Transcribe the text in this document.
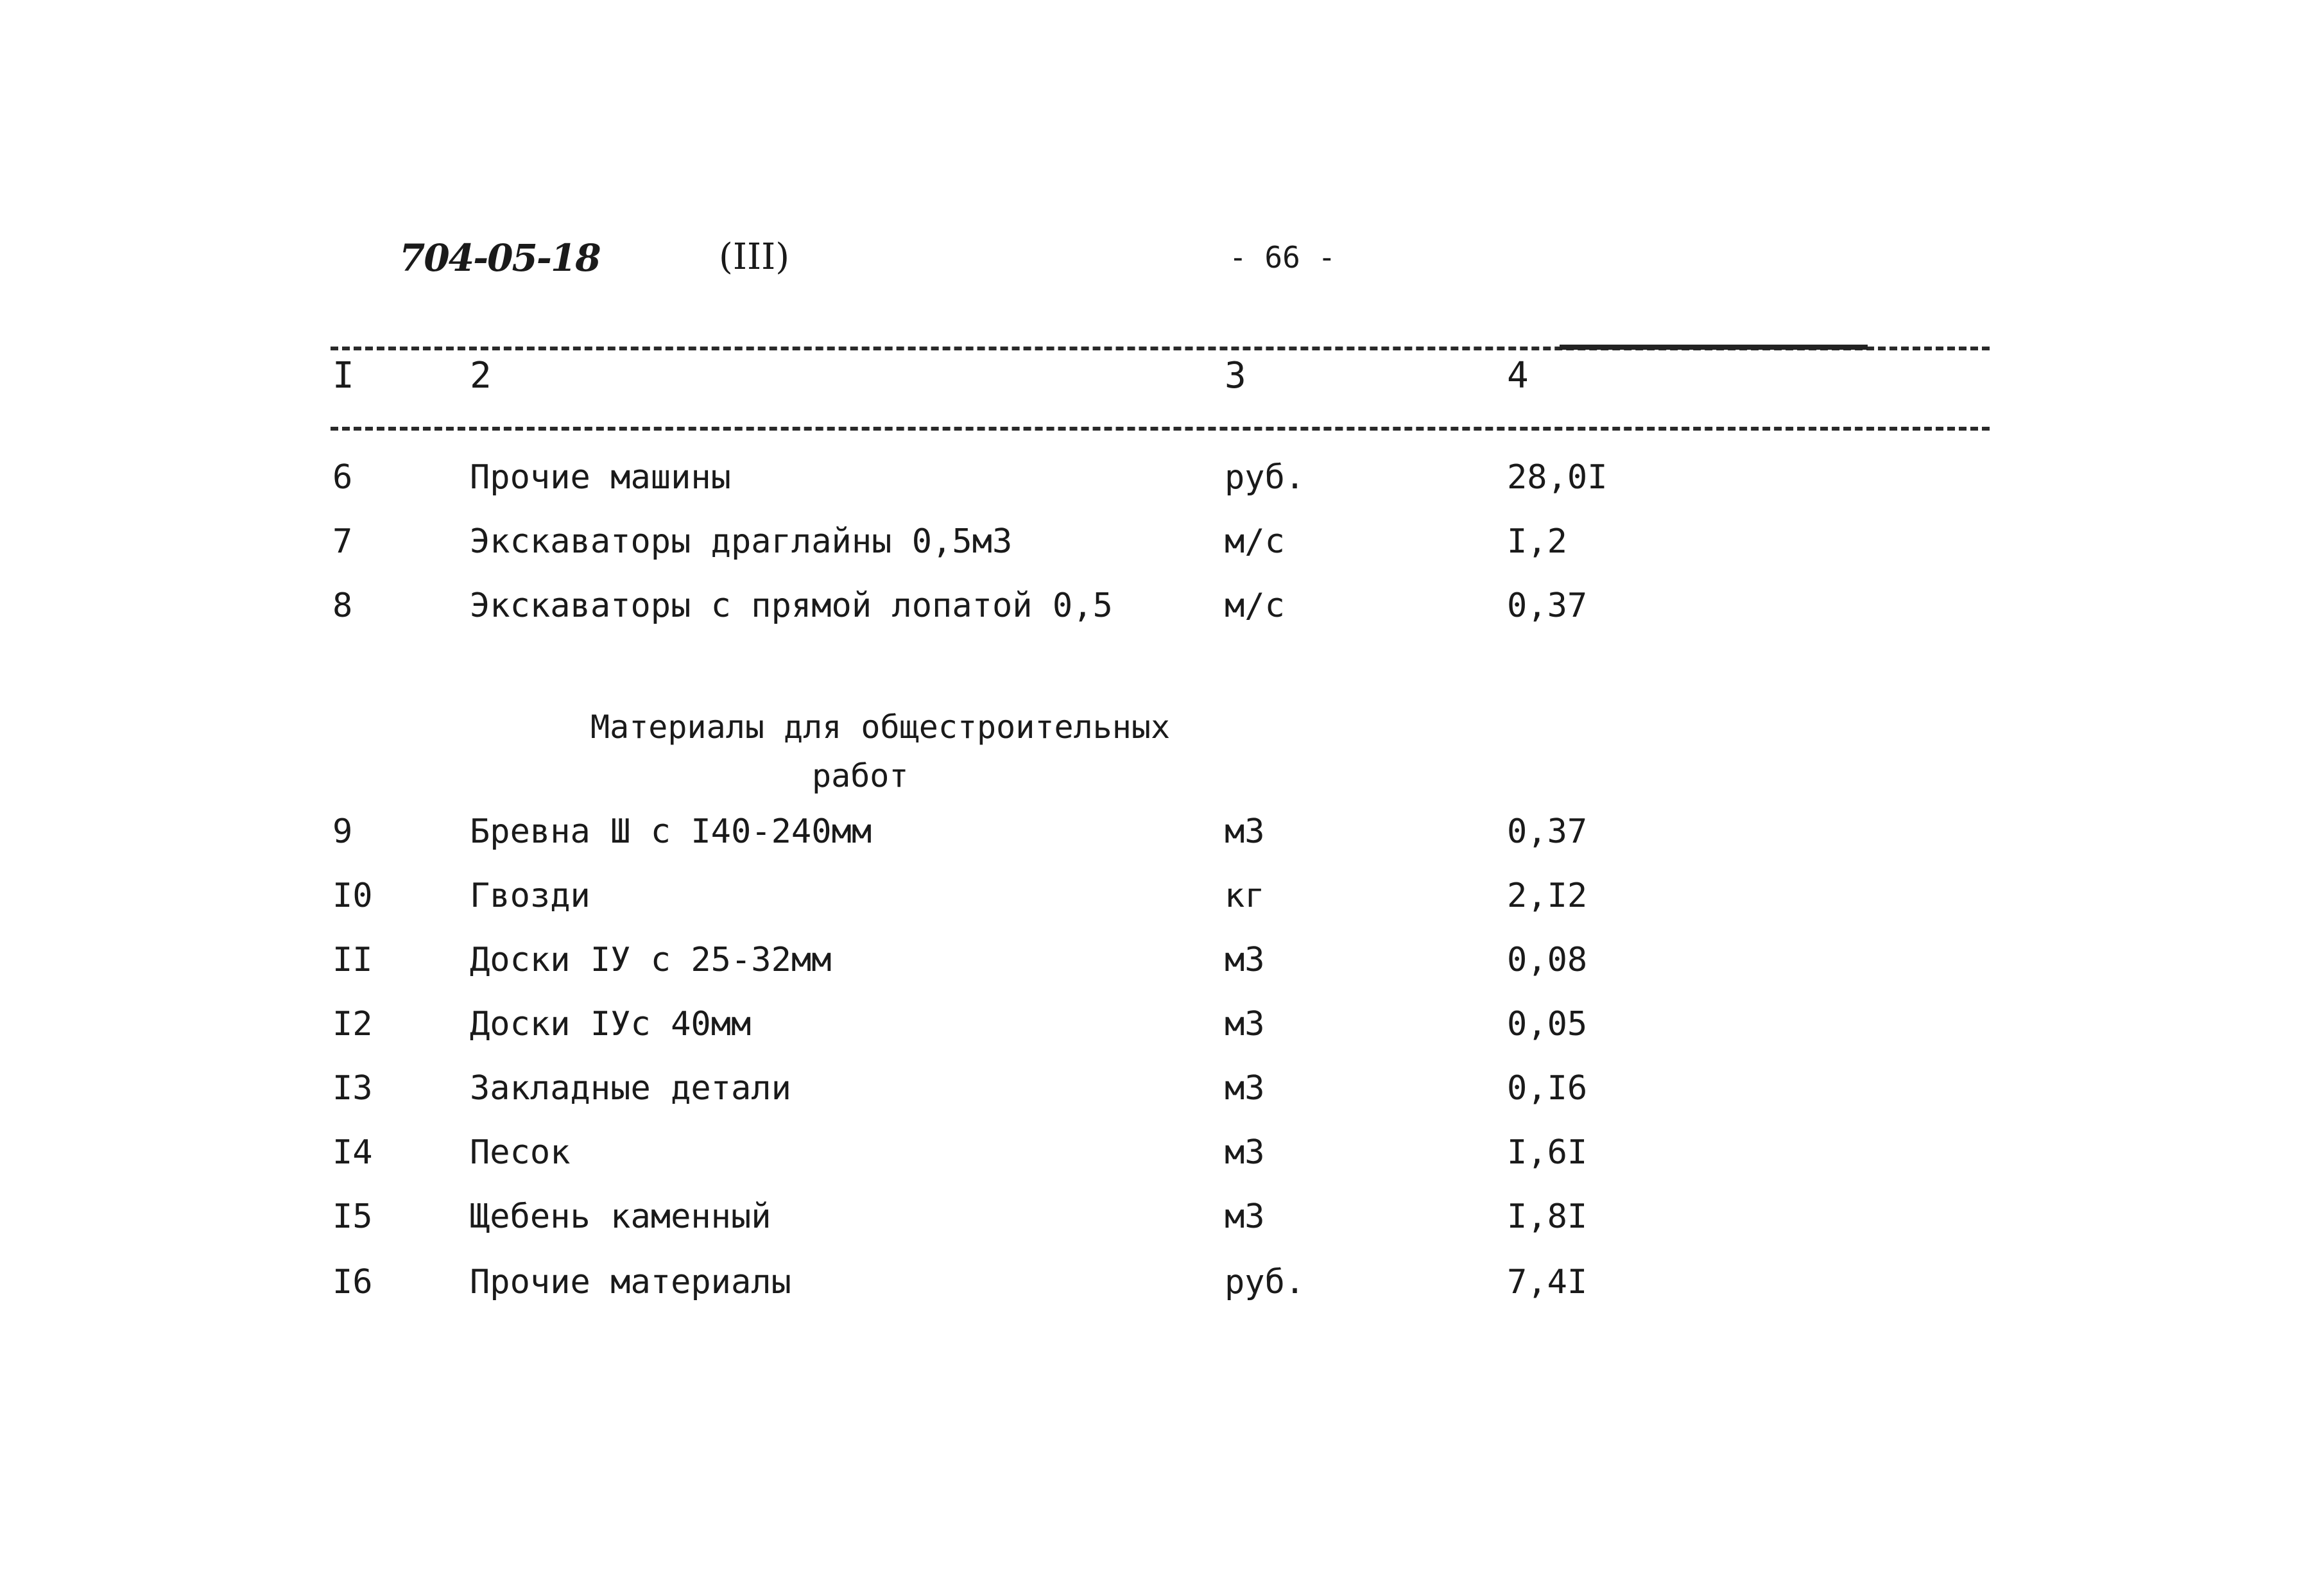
704-05-18	(III)	- 66 -
I	2	3	4
6	Прочие машины	руб.	28,0I
7	Экскаваторы драглайны 0,5м3	м/с	I,2
8	Экскаваторы с прямой лопатой 0,5	м/с	0,37
Материалы для общестроительных
работ
9	Бревна Ш с I40-240мм	м3	0,37
I0	Гвозди	кг	2,I2
II	Доски IУ с 25-32мм	м3	0,08
I2	Доски IУс 40мм	м3	0,05
I3	Закладные детали	м3	0,I6
I4	Песок	м3	I,6I
I5	Щебень каменный	м3	I,8I
I6	Прочие материалы	руб.	7,4I
